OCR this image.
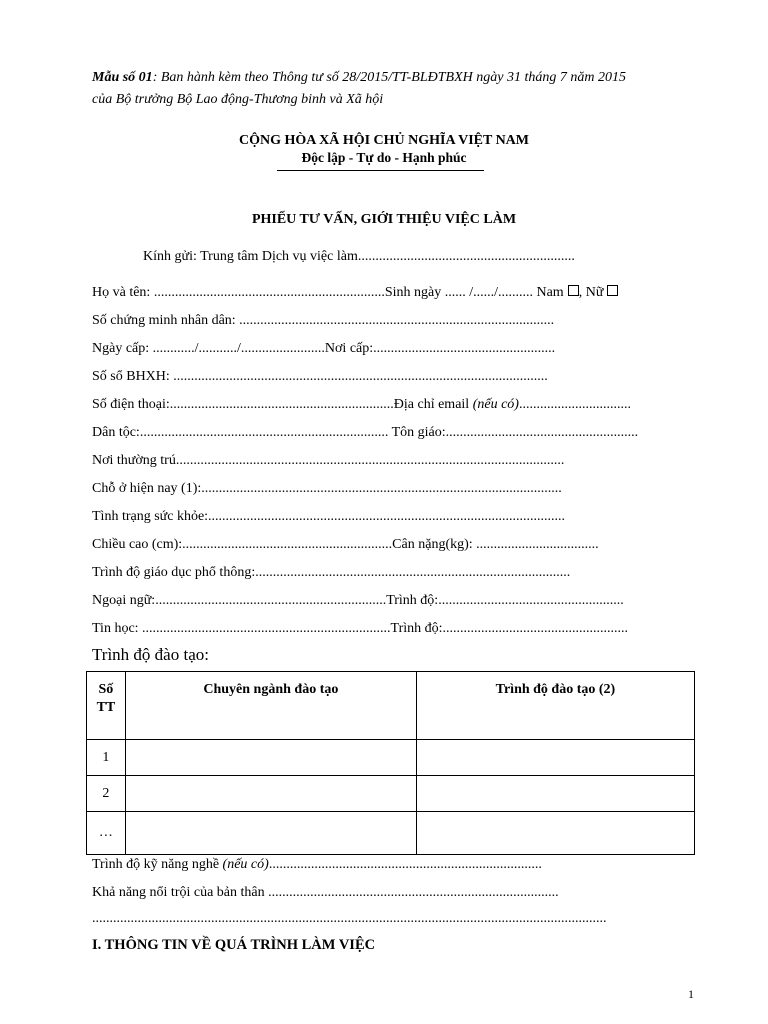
Mẫu số 01: Ban hành kèm theo Thông tư số 28/2015/TT-BLĐTBXH ngày 31 tháng 7 năm 2015
của Bộ trưởng Bộ Lao động-Thương binh và Xã hội
CỘNG HÒA XÃ HỘI CHỦ NGHĨA VIỆT NAM
Độc lập - Tự do - Hạnh phúc
PHIẾU TƯ VẤN, GIỚI THIỆU VIỆC LÀM
Kính gửi: Trung tâm Dịch vụ việc làm..............................................................
Họ và tên: ..................................................................Sinh ngày ...... /....../.......... Nam , Nữ
Số chứng minh nhân dân: ..........................................................................................
Ngày cấp: ............/.........../........................Nơi cấp:....................................................
Số sổ BHXH: ...........................................................................................................
Số điện thoại:................................................................Địa chỉ email (nếu có)................................
Dân tộc:....................................................................... Tôn giáo:.......................................................
Nơi thường trú...............................................................................................................
Chỗ ở hiện nay (1):.......................................................................................................
Tình trạng sức khỏe:......................................................................................................
Chiều cao (cm):............................................................Cân nặng(kg): ...................................
Trình độ giáo dục phổ thông:..........................................................................................
Ngoại ngữ:..................................................................Trình độ:.....................................................
Tin học: .......................................................................Trình độ:.....................................................
Trình độ đào tạo:
Số
TT	Chuyên ngành đào tạo	Trình độ đào tạo (2)
1		
2		
…		
Trình độ kỹ năng nghề (nếu có)..............................................................................
Khả năng nổi trội của bản thân ...................................................................................
...................................................................................................................................................
I. THÔNG TIN VỀ QUÁ TRÌNH LÀM VIỆC
1
